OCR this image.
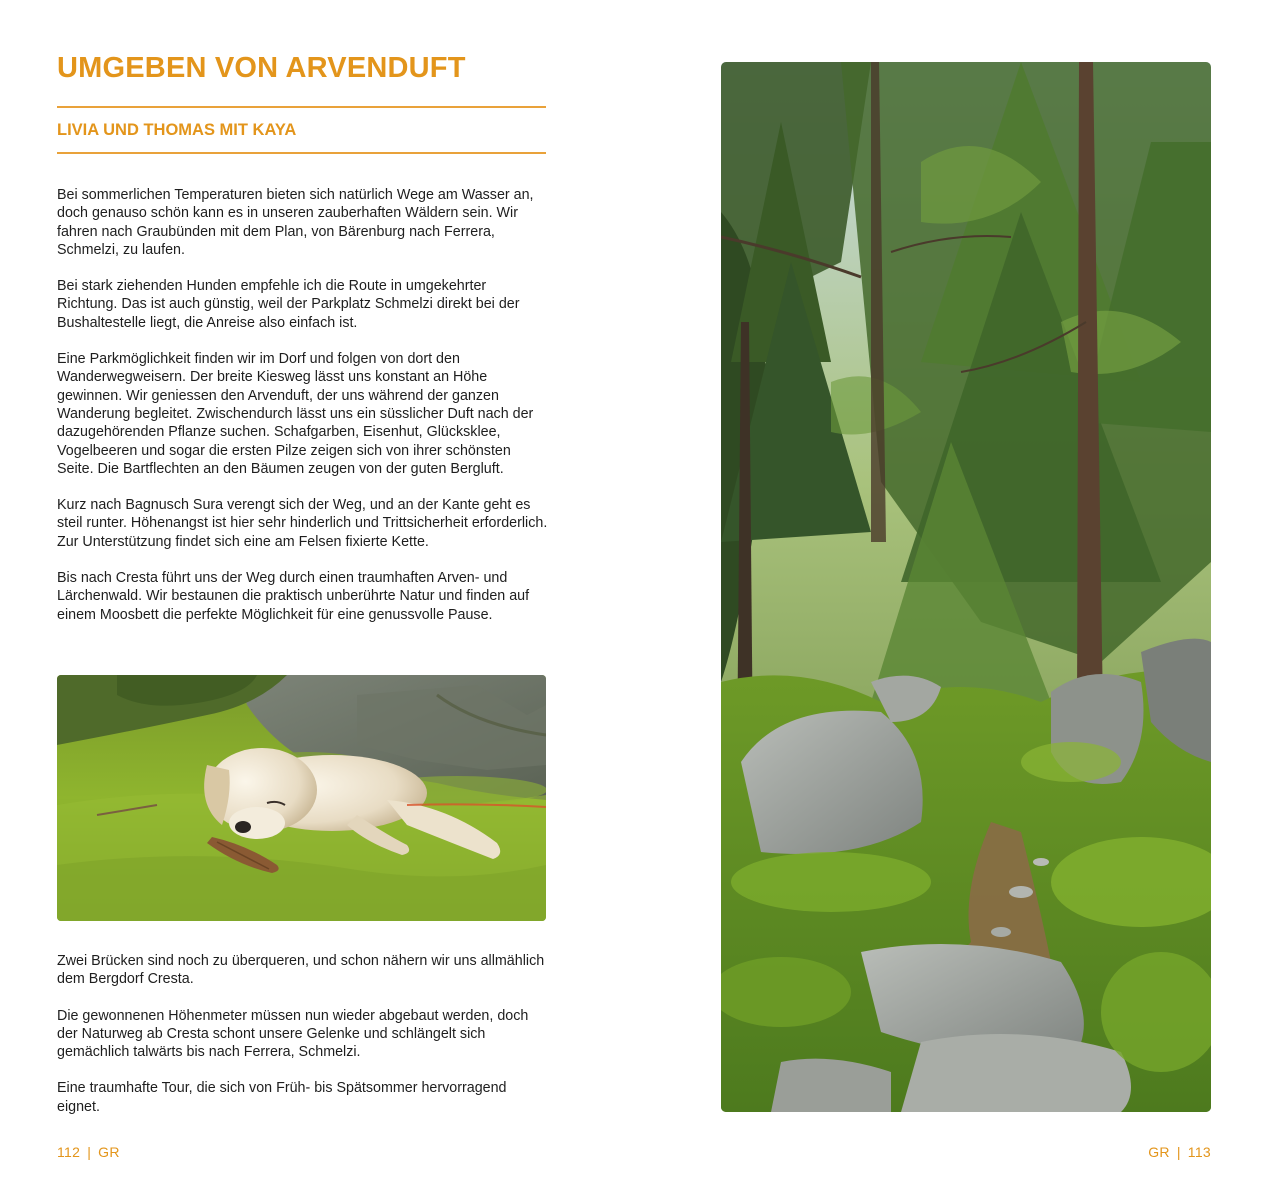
UMGEBEN VON ARVENDUFT
LIVIA UND THOMAS MIT KAYA

Bei sommerlichen Temperaturen bieten sich natürlich Wege am Wasser an, doch genauso schön kann es in unseren zauberhaften Wäldern sein. Wir fahren nach Graubünden mit dem Plan, von Bärenburg nach Ferrera, Schmelzi, zu laufen.

Bei stark ziehenden Hunden empfehle ich die Route in umgekehrter Richtung. Das ist auch günstig, weil der Parkplatz Schmelzi direkt bei der Bushaltestelle liegt, die Anreise also einfach ist.

Eine Parkmöglichkeit finden wir im Dorf und folgen von dort den Wanderwegweisern. Der breite Kiesweg lässt uns konstant an Höhe gewinnen. Wir geniessen den Arvenduft, der uns während der ganzen Wanderung begleitet. Zwischendurch lässt uns ein süsslicher Duft nach der dazugehörenden Pflanze suchen. Schafgarben, Eisenhut, Glücksklee, Vogelbeeren und sogar die ersten Pilze zeigen sich von ihrer schönsten Seite. Die Bartflechten an den Bäumen zeugen von der guten Bergluft.

Kurz nach Bagnusch Sura verengt sich der Weg, und an der Kante geht es steil runter. Höhenangst ist hier sehr hinderlich und Trittsicherheit erforderlich. Zur Unterstützung findet sich eine am Felsen fixierte Kette.

Bis nach Cresta führt uns der Weg durch einen traumhaften Arven- und Lärchenwald. Wir bestaunen die praktisch unberührte Natur und finden auf einem Moosbett die perfekte Möglichkeit für eine genussvolle Pause.

Zwei Brücken sind noch zu überqueren, und schon nähern wir uns allmählich dem Bergdorf Cresta.

Die gewonnenen Höhenmeter müssen nun wieder abgebaut werden, doch der Naturweg ab Cresta schont unsere Gelenke und schlängelt sich gemächlich talwärts bis nach Ferrera, Schmelzi.

Eine traumhafte Tour, die sich von Früh- bis Spätsommer hervorragend eignet.

112 | GR	GR | 113
